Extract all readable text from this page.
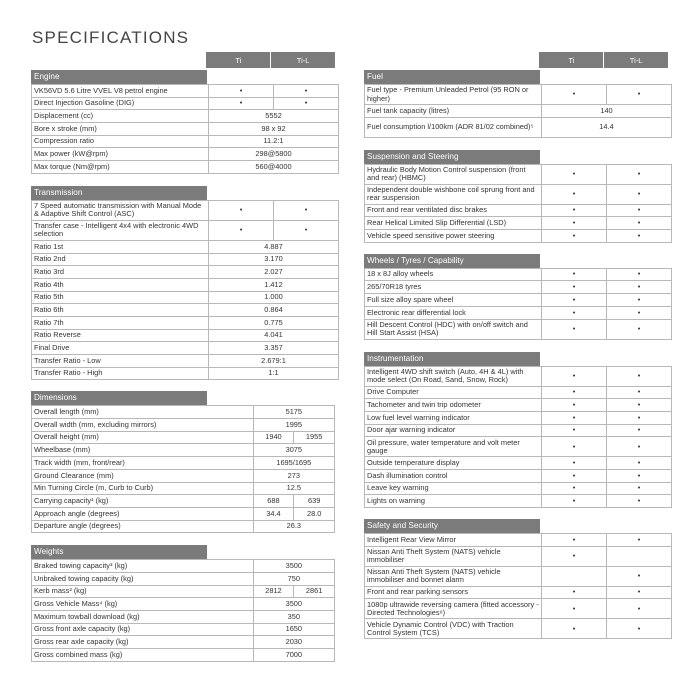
SPECIFICATIONS
Ti	Ti-L
Engine
VK56VD 5.6 Litre VVEL V8 petrol engine	•	•
Direct Injection Gasoline (DIG)	•	•
Displacement (cc)	5552	
Bore x stroke (mm)	98 x 92	
Compression ratio	11.2:1	
Max power (kW@rpm)	298@5800	
Max torque (Nm@rpm)	560@4000	
Transmission
7 Speed automatic transmission with Manual Mode & Adaptive Shift Control (ASC)	•	•
Transfer case - Intelligent 4x4 with electronic 4WD selection	•	•
Ratio 1st	4.887	
Ratio 2nd	3.170	
Ratio 3rd	2.027	
Ratio 4th	1.412	
Ratio 5th	1.000	
Ratio 6th	0.864	
Ratio 7th	0.775	
Ratio Reverse	4.041	
Final Drive	3.357	
Transfer Ratio - Low	2.679:1	
Transfer Ratio - High	1:1	
Dimensions
Overall length (mm)	5175	
Overall width (mm, excluding mirrors)	1995	
Overall height (mm)	1940	1955
Wheelbase (mm)	3075	
Track width (mm, front/rear)	1695/1695	
Ground Clearance (mm)	273	
Min Turning Circle (m, Curb to Curb)	12.5	
Carrying capacity¹ (kg)	688	639
Approach angle (degrees)	34.4	28.0
Departure angle (degrees)	26.3	
Weights
Braked towing capacity³ (kg)	3500	
Unbraked towing capacity (kg)	750	
Kerb mass² (kg)	2812	2861
Gross Vehicle Mass⁴ (kg)	3500	
Maximum towball download (kg)	350	
Gross front axle capacity (kg)	1650	
Gross rear axle capacity (kg)	2030	
Gross combined mass (kg)	7000	
Ti	Ti-L
Fuel
Fuel type - Premium Unleaded Petrol (95 RON or higher)	•	•
Fuel tank capacity (litres)	140	
Fuel consumption l/100km (ADR 81/02 combined)⁵	14.4	
Suspension and Steering
Hydraulic Body Motion Control suspension (front and rear) (HBMC)	•	•
Independent double wishbone coil sprung front and rear suspension	•	•
Front and rear ventilated disc brakes	•	•
Rear Helical Limited Slip Differential (LSD)	•	•
Vehicle speed sensitive power steering	•	•
Wheels / Tyres / Capability
18 x 8J alloy wheels	•	•
265/70R18 tyres	•	•
Full size alloy spare wheel	•	•
Electronic rear differential lock	•	•
Hill Descent Control (HDC) with on/off switch and Hill Start Assist (HSA)	•	•
Instrumentation
Intelligent 4WD shift switch (Auto, 4H & 4L) with mode select (On Road, Sand, Snow, Rock)	•	•
Drive Computer	•	•
Tachometer and twin trip odometer	•	•
Low fuel level warning indicator	•	•
Door ajar warning indicator	•	•
Oil pressure, water temperature and volt meter gauge	•	•
Outside temperature display	•	•
Dash illumination control	•	•
Leave key warning	•	•
Lights on warning	•	•
Safety and Security
Intelligent Rear View Mirror	•	•
Nissan Anti Theft System (NATS) vehicle immobiliser	•	
Nissan Anti Theft System (NATS) vehicle immobiliser and bonnet alarm		•
Front and rear parking sensors	•	•
1080p ultrawide reversing camera (fitted accessory - Directed Technologies⁶)	•	•
Vehicle Dynamic Control (VDC) with Traction Control System (TCS)	•	•
